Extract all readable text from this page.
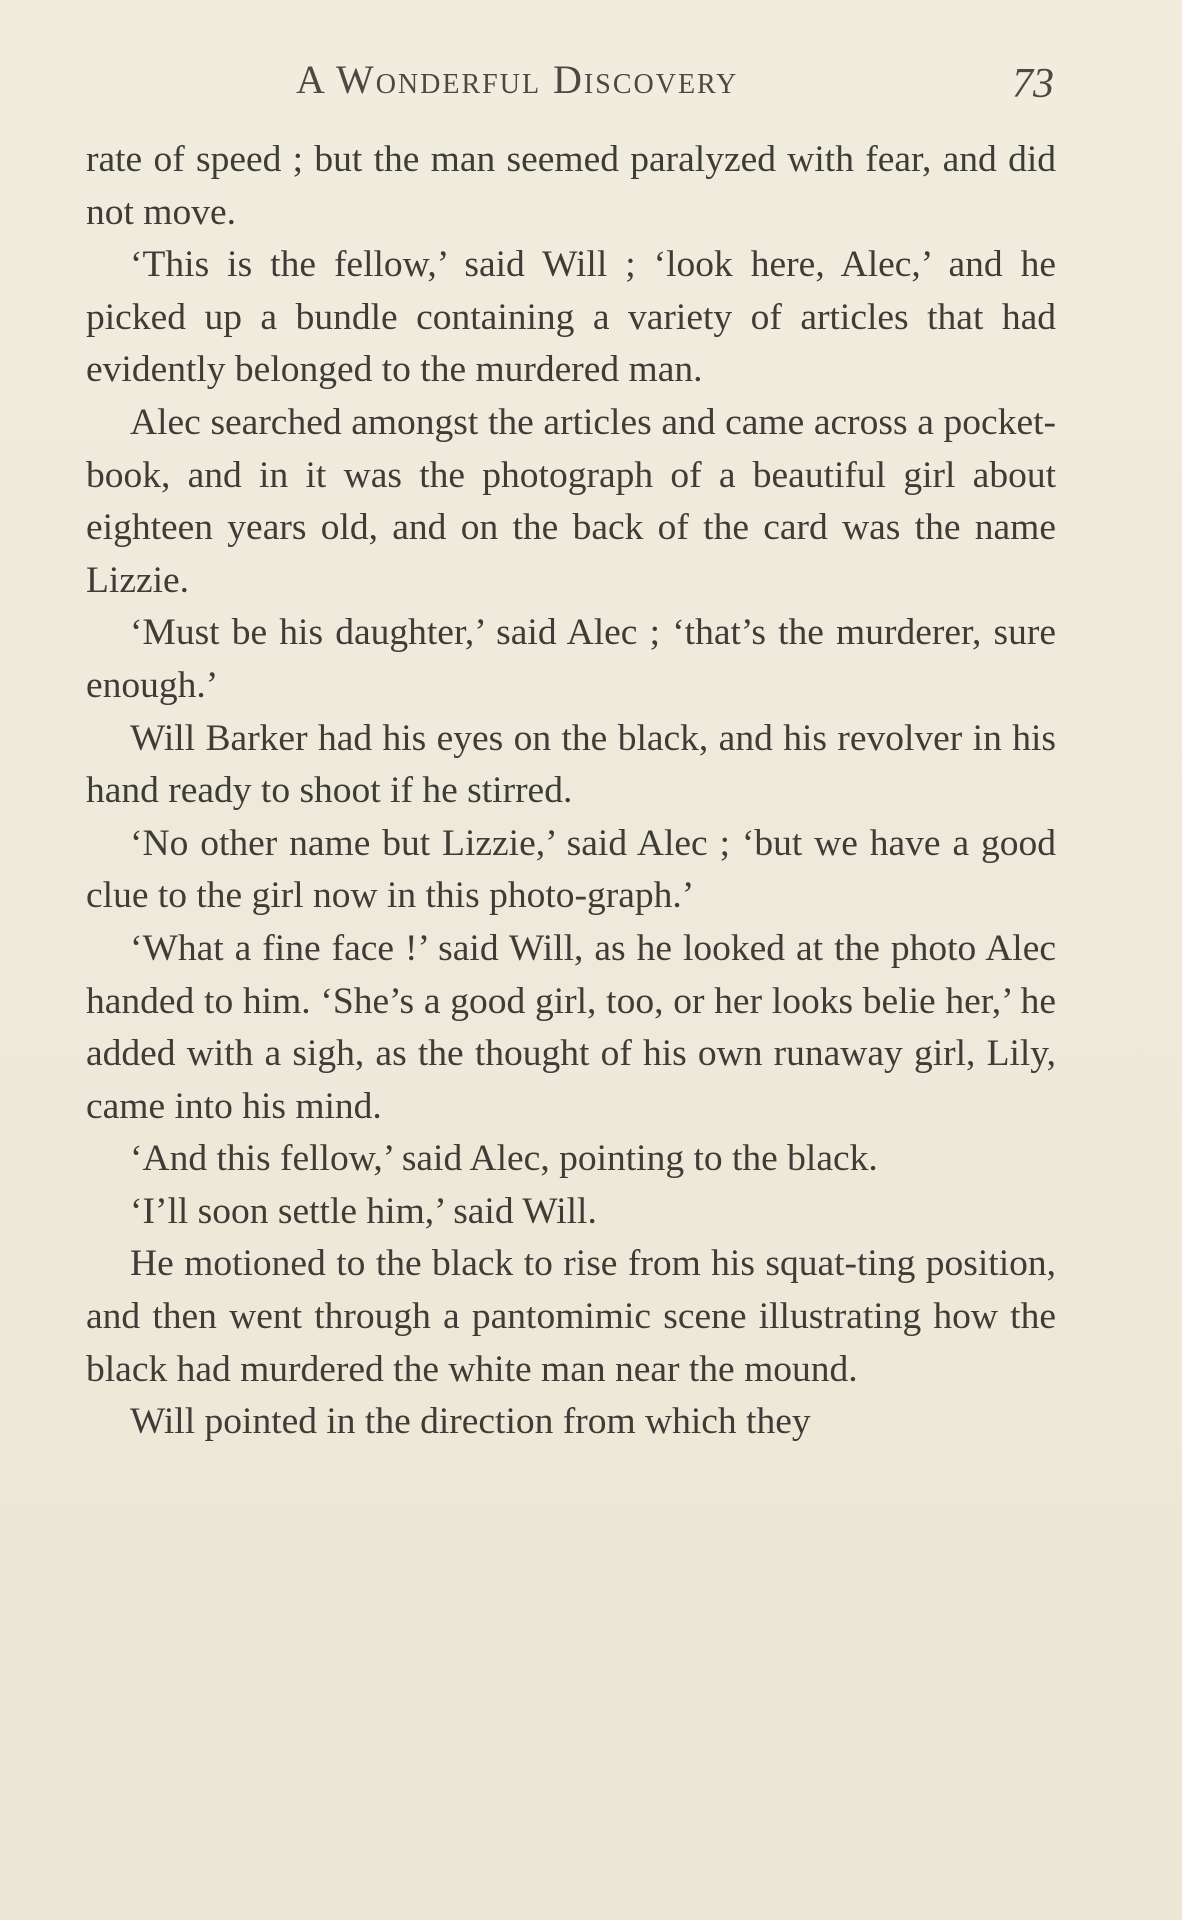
A Wonderful Discovery	73

rate of speed ; but the man seemed paralyzed with fear, and did not move.

‘This is the fellow,’ said Will ; ‘look here, Alec,’ and he picked up a bundle containing a variety of articles that had evidently belonged to the murdered man.

Alec searched amongst the articles and came across a pocket-book, and in it was the photograph of a beautiful girl about eighteen years old, and on the back of the card was the name Lizzie.

‘Must be his daughter,’ said Alec ; ‘that’s the murderer, sure enough.’

Will Barker had his eyes on the black, and his revolver in his hand ready to shoot if he stirred.

‘No other name but Lizzie,’ said Alec ; ‘but we have a good clue to the girl now in this photo-graph.’

‘What a fine face !’ said Will, as he looked at the photo Alec handed to him. ‘She’s a good girl, too, or her looks belie her,’ he added with a sigh, as the thought of his own runaway girl, Lily, came into his mind.

‘And this fellow,’ said Alec, pointing to the black.

‘I’ll soon settle him,’ said Will.

He motioned to the black to rise from his squat-ting position, and then went through a pantomimic scene illustrating how the black had murdered the white man near the mound.

Will pointed in the direction from which they
